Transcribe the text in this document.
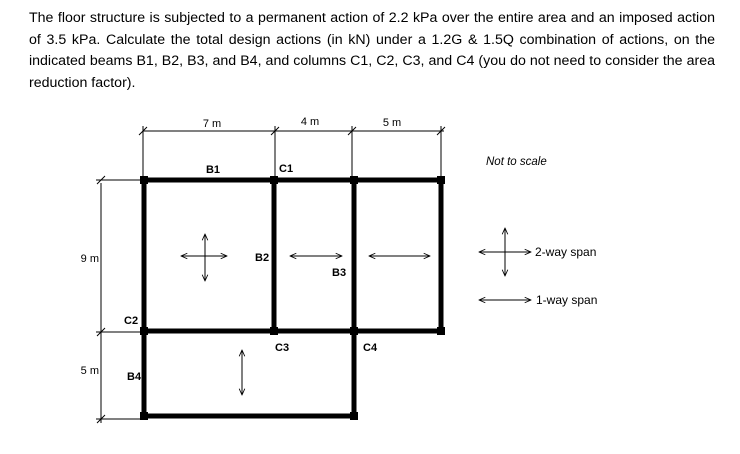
The floor structure is subjected to a permanent action of 2.2 kPa over the entire area and an imposed action of 3.5 kPa. Calculate the total design actions (in kN) under a 1.2G & 1.5Q combination of actions, on the indicated beams B1, B2, B3, and B4, and columns C1, C2, C3, and C4 (you do not need to consider the area reduction factor).

7 m	4 m	5 m
9 m
5 m
B1	C1
B2
B3
C2
C3	C4
B4
Not to scale
2-way span
1-way span
